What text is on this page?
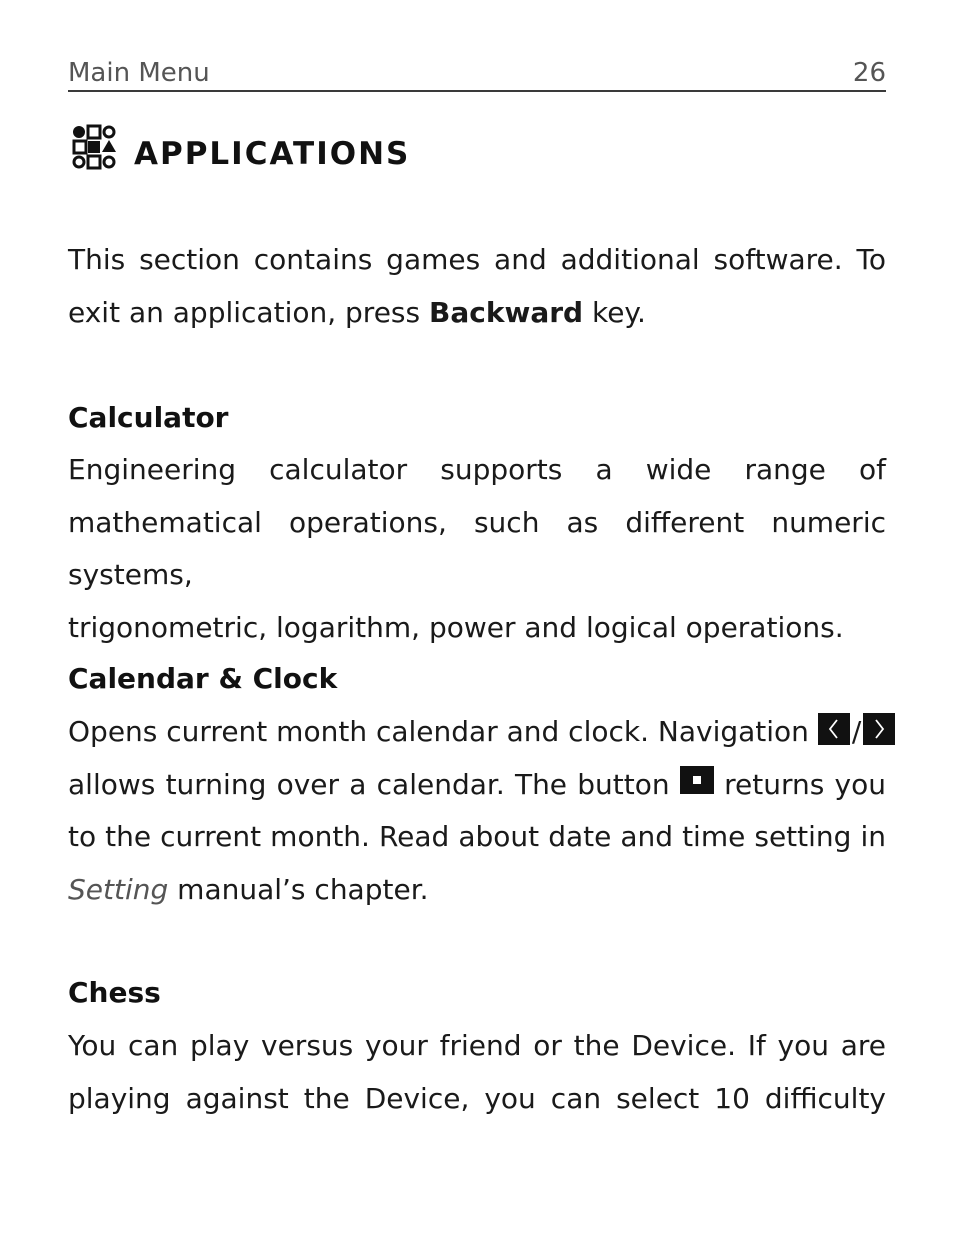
Main Menu	26
APPLICATIONS
This section contains games and additional software. To
exit an application, press Backward key.
Calculator
Engineering calculator supports a wide range of
mathematical operations, such as different numeric systems,
trigonometric, logarithm, power and logical operations.
Calendar & Clock
Opens current month calendar and clock. Navigation /
allows turning over a calendar. The button returns you
to the current month. Read about date and time setting in
Setting manual’s chapter.
Chess
You can play versus your friend or the Device. If you are
playing against the Device, you can select 10 difficulty
